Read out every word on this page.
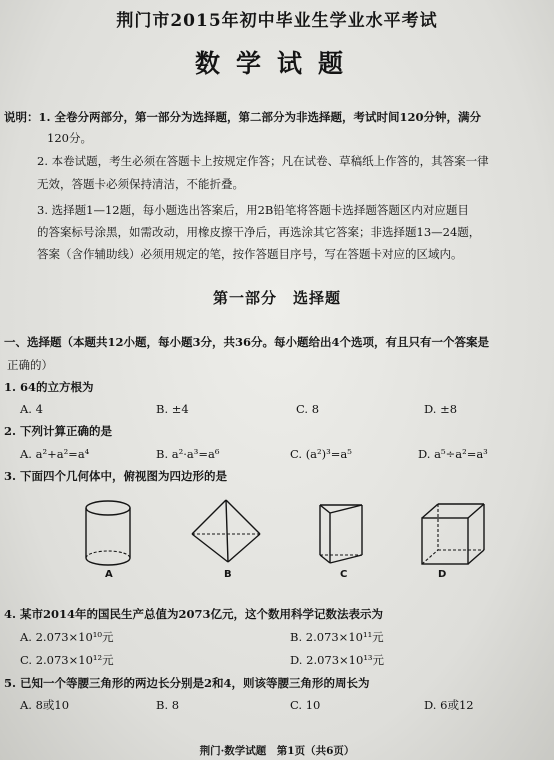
荆门市2015年初中毕业生学业水平考试
数学试题
说明：1. 全卷分两部分，第一部分为选择题，第二部分为非选择题，考试时间120分钟，满分
120分。
2. 本卷试题，考生必须在答题卡上按规定作答；凡在试卷、草稿纸上作答的，其答案一律
无效，答题卡必须保持清洁，不能折叠。
3. 选择题1—12题，每小题选出答案后，用2B铅笔将答题卡选择题答题区内对应题目
的答案标号涂黑，如需改动，用橡皮擦干净后，再选涂其它答案；非选择题13—24题，
答案（含作辅助线）必须用规定的笔，按作答题目序号，写在答题卡对应的区域内。
第一部分　选择题
一、选择题（本题共12小题，每小题3分，共36分。每小题给出4个选项，有且只有一个答案是
正确的）
1. 64的立方根为
A. 4	B. ±4	C. 8	D. ±8
2. 下列计算正确的是
A. a²+a²=a⁴	B. a²·a³=a⁶	C. (a²)³=a⁵	D. a⁵÷a²=a³
3. 下面四个几何体中，俯视图为四边形的是
A	B	C	D
4. 某市2014年的国民生产总值为2073亿元，这个数用科学记数法表示为
A. 2.073×10¹⁰元	B. 2.073×10¹¹元
C. 2.073×10¹²元	D. 2.073×10¹³元
5. 已知一个等腰三角形的两边长分别是2和4，则该等腰三角形的周长为
A. 8或10	B. 8	C. 10	D. 6或12
荆门·数学试题　第1页（共6页）
